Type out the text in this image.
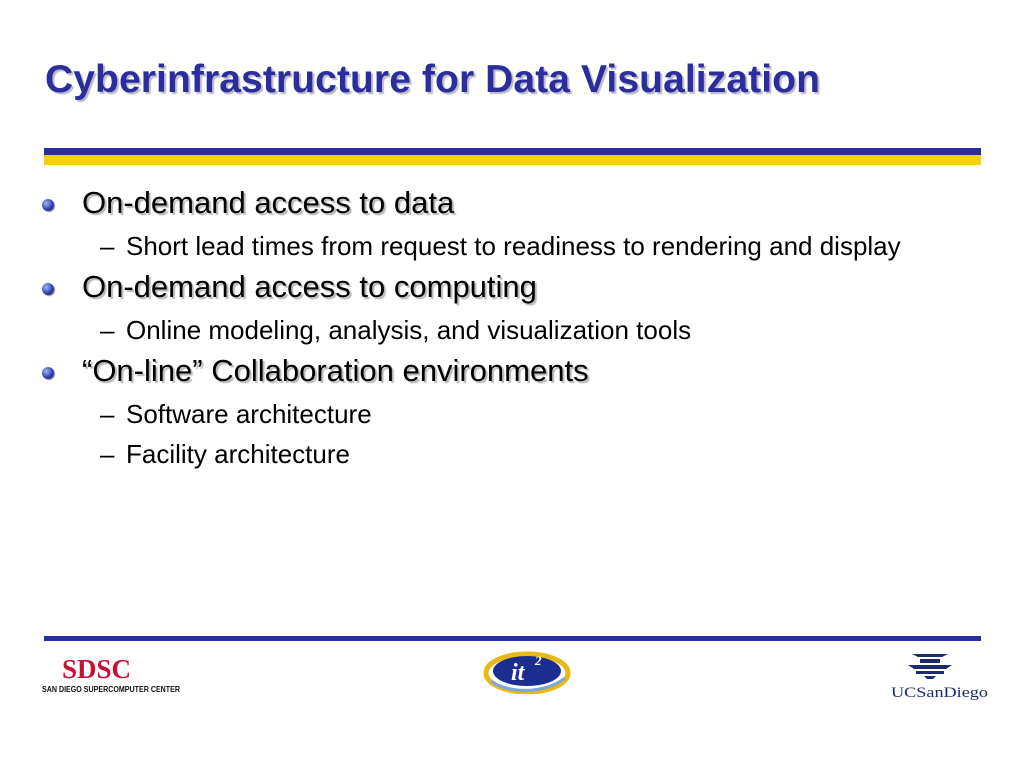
Cyberinfrastructure for Data Visualization
On-demand access to data
– Short lead times from request to readiness to rendering and display
On-demand access to computing
– Online modeling, analysis, and visualization tools
“On-line” Collaboration environments
– Software architecture
– Facility architecture
SDSC
SAN DIEGO SUPERCOMPUTER CENTER
it 2
UCSanDiego
